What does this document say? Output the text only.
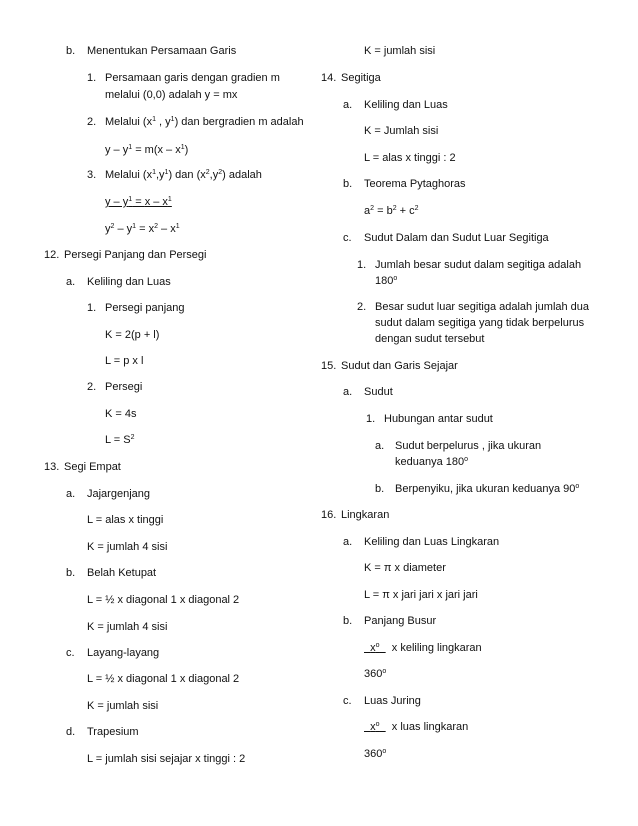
b. Menentukan Persamaan Garis
1. Persamaan garis dengan gradien m
melalui (0,0) adalah y = mx
2. Melalui ($x^1$ , $y^1$) dan bergradien m adalah
$y - y^1 = m(x - x^1)$
3. Melalui $(x^1,y^1)$ dan $(x^2,y^2)$ adalah
$y - y^1 = x - x^1$
$y^2 - y^1 = x^2 - x^1$
12. Persegi Panjang dan Persegi
a. Keliling dan Luas
1. Persegi panjang
K = 2(p + l)
L = p x l
2. Persegi
K = 4s
$L = S^2$
13. Segi Empat
a. Jajargenjang
L = alas x tinggi
K = jumlah 4 sisi
b. Belah Ketupat
L = ½ x diagonal 1 x diagonal 2
K = jumlah 4 sisi
c. Layang-layang
L = ½ x diagonal 1 x diagonal 2
K = jumlah sisi
d. Trapesium
L = jumlah sisi sejajar x tinggi : 2
K = jumlah sisi
14. Segitiga
a. Keliling dan Luas
K = Jumlah sisi
L = alas x tinggi : 2
b. Teorema Pytaghoras
$a^2 = b^2 + c^2$
c. Sudut Dalam dan Sudut Luar Segitiga
1. Jumlah besar sudut dalam segitiga adalah
180$^o$
2. Besar sudut luar segitiga adalah jumlah dua
sudut dalam segitiga yang tidak berpelurus
dengan sudut tersebut
15. Sudut dan Garis Sejajar
a. Sudut
1. Hubungan antar sudut
a. Sudut berpelurus , jika ukuran
keduanya 180$^o$
b. Berpenyiku, jika ukuran keduanya 90$^o$
16. Lingkaran
a. Keliling dan Luas Lingkaran
K = π x diameter
L = π x jari jari x jari jari
b. Panjang Busur
$x^o$ x keliling lingkaran
360$^o$
c. Luas Juring
$x^o$ x luas lingkaran
360$^o$
